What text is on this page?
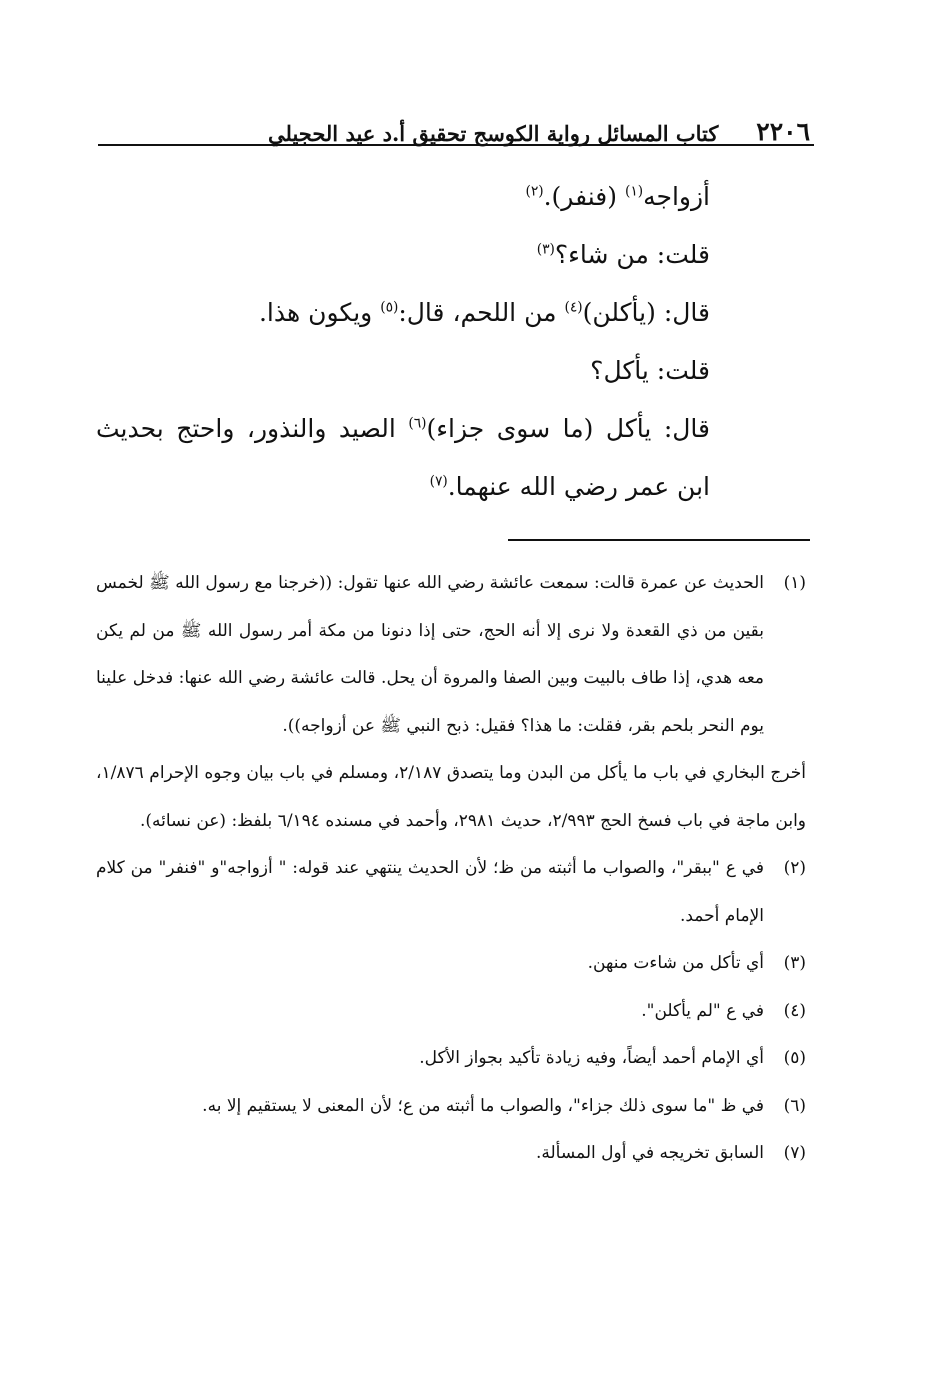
٢٢٠٦
كتاب المسائل رواية الكوسج تحقيق أ.د عيد الحجيلي

أزواجه$^{(١)}$ (فنفر).$^{(٢)}$

قلت: من شاء؟$^{(٣)}$

قال: (يأكلن)$^{(٤)}$ من اللحم، قال:$^{(٥)}$ ويكون هذا.

قلت: يأكل؟

قال: يأكل (ما سوى جزاء)$^{(٦)}$ الصيد والنذور، واحتج بحديث ابن عمر رضي الله عنهما.$^{(٧)}$

(١)الحديث عن عمرة قالت: سمعت عائشة رضي الله عنها تقول: ((خرجنا مع رسول الله ﷺ لخمس بقين من ذي القعدة ولا نرى إلا أنه الحج، حتى إذا دنونا من مكة أمر رسول الله ﷺ من لم يكن معه هدي، إذا طاف بالبيت وبين الصفا والمروة أن يحل. قالت عائشة رضي الله عنها: فدخل علينا يوم النحر بلحم بقر، فقلت: ما هذا؟ فقيل: ذبح النبي ﷺ عن أزواجه)).

أخرج البخاري في باب ما يأكل من البدن وما يتصدق ٢/١٨٧، ومسلم في باب بيان وجوه الإحرام ١/٨٧٦، وابن ماجة في باب فسخ الحج ٢/٩٩٣، حديث ٢٩٨١، وأحمد في مسنده ٦/١٩٤ بلفظ: (عن نسائه).

(٢)في ع "ببقر"، والصواب ما أثبته من ظ؛ لأن الحديث ينتهي عند قوله: " أزواجه"و "فنفر" من كلام الإمام أحمد.

(٣)أي تأكل من شاءت منهن.

(٤)في ع "لم يأكلن".

(٥)أي الإمام أحمد أيضاً، وفيه زيادة تأكيد بجواز الأكل.

(٦)في ظ "ما سوى ذلك جزاء"، والصواب ما أثبته من ع؛ لأن المعنى لا يستقيم إلا به.

(٧)السابق تخريجه في أول المسألة.
